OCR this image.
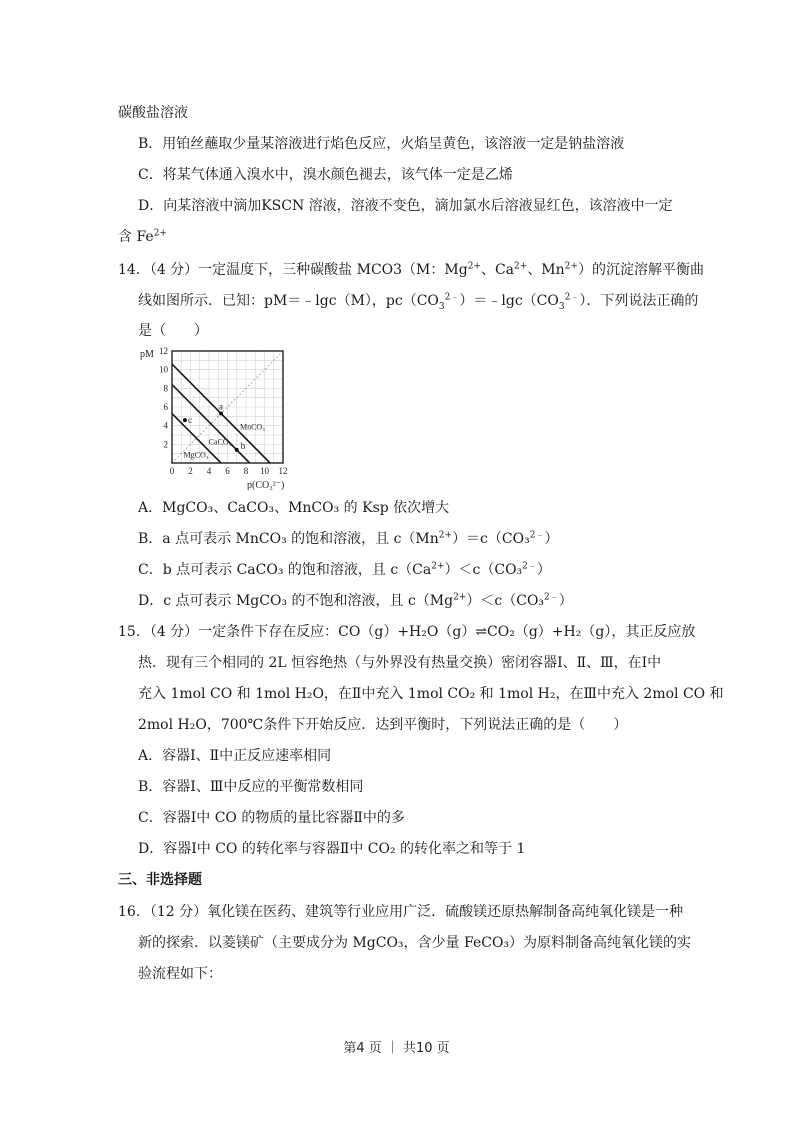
碳酸盐溶液
B．用铂丝蘸取少量某溶液进行焰色反应，火焰呈黄色，该溶液一定是钠盐溶液
C．将某气体通入溴水中，溴水颜色褪去，该气体一定是乙烯
D．向某溶液中滴加KSCN 溶液，溶液不变色，滴加氯水后溶液显红色，该溶液中一定
含 $Fe^{2+}$
14．（4 分）一定温度下，三种碳酸盐 MCO3（M：$Mg^{2+}$、$Ca^{2+}$、$Mn^{2+}$）的沉淀溶解平衡曲
线如图所示．已知：pM＝﹣lgc（M），$pc(CO_3^{2﹣})=﹣\lg c(CO_3^{2﹣})$．下列说法正确的
是（　　）
MnCO₃
CaCO₃
MgCO₃
0 2 4 6 8 10 12
2
4
6
8
10
12
a
b
c
pM
p(CO₃²⁻)
A．MgCO₃、CaCO₃、MnCO₃ 的 Ksp 依次增大
B．a 点可表示 MnCO₃ 的饱和溶液，且 $c(Mn^{2+})=c(CO_3^{2﹣})$
C．b 点可表示 CaCO₃ 的饱和溶液，且 $c(Ca^{2+})<c(CO_3^{2﹣})$
D．c 点可表示 MgCO₃ 的不饱和溶液，且 $c(Mg^{2+})<c(CO_3^{2﹣})$
15．（4 分）一定条件下存在反应：CO（g）+H₂O（g）⇌CO₂（g）+H₂（g），其正反应放
热．现有三个相同的 2L 恒容绝热（与外界没有热量交换）密闭容器Ⅰ、Ⅱ、Ⅲ，在Ⅰ中
充入 1mol CO 和 1mol H₂O，在Ⅱ中充入 1mol CO₂ 和 1mol H₂，在Ⅲ中充入 2mol CO 和
2mol H₂O，700℃条件下开始反应．达到平衡时，下列说法正确的是（　　）
A．容器Ⅰ、Ⅱ中正反应速率相同
B．容器Ⅰ、Ⅲ中反应的平衡常数相同
C．容器Ⅰ中 CO 的物质的量比容器Ⅱ中的多
D．容器Ⅰ中 CO 的转化率与容器Ⅱ中 CO₂ 的转化率之和等于 1
三、非选择题
16．（12 分）氧化镁在医药、建筑等行业应用广泛．硫酸镁还原热解制备高纯氧化镁是一种
新的探索．以菱镁矿（主要成分为 MgCO₃，含少量 FeCO₃）为原料制备高纯氧化镁的实
验流程如下：
第4 页 ｜ 共10 页
